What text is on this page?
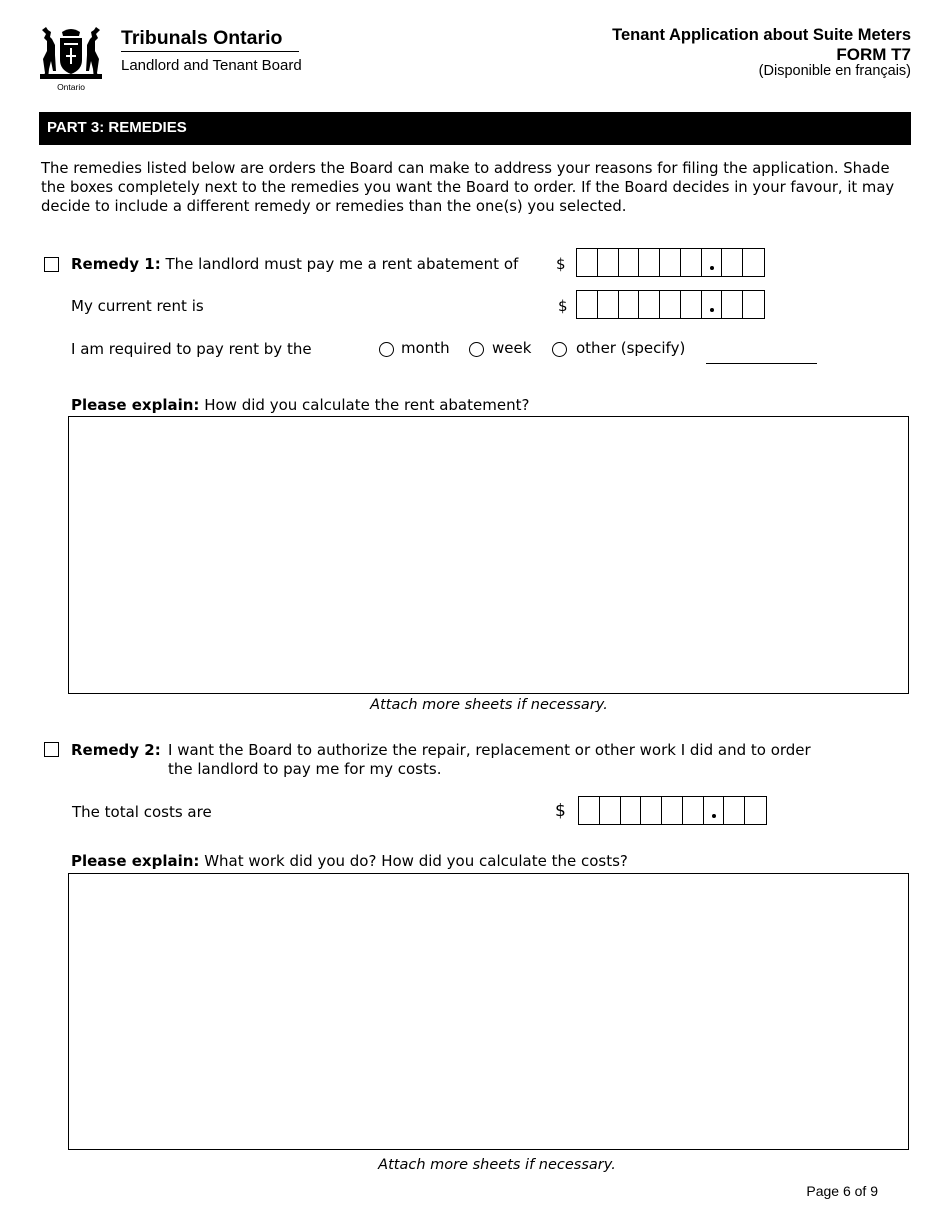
Ontario
Tribunals Ontario
Landlord and Tenant Board
Tenant Application about Suite Meters
FORM T7
(Disponible en français)
PART 3: REMEDIES
The remedies listed below are orders the Board can make to address your reasons for filing the application. Shade the boxes completely next to the remedies you want the Board to order. If the Board decides in your favour, it may decide to include a different remedy or remedies than the one(s) you selected.
Remedy 1: The landlord must pay me a rent abatement of	$
My current rent is	$
I am required to pay rent by the	month	week	other (specify)
Please explain: How did you calculate the rent abatement?
Attach more sheets if necessary.
Remedy 2: I want the Board to authorize the repair, replacement or other work I did and to order
the landlord to pay me for my costs.
The total costs are	$
Please explain: What work did you do? How did you calculate the costs?
Attach more sheets if necessary.
Page 6 of 9
